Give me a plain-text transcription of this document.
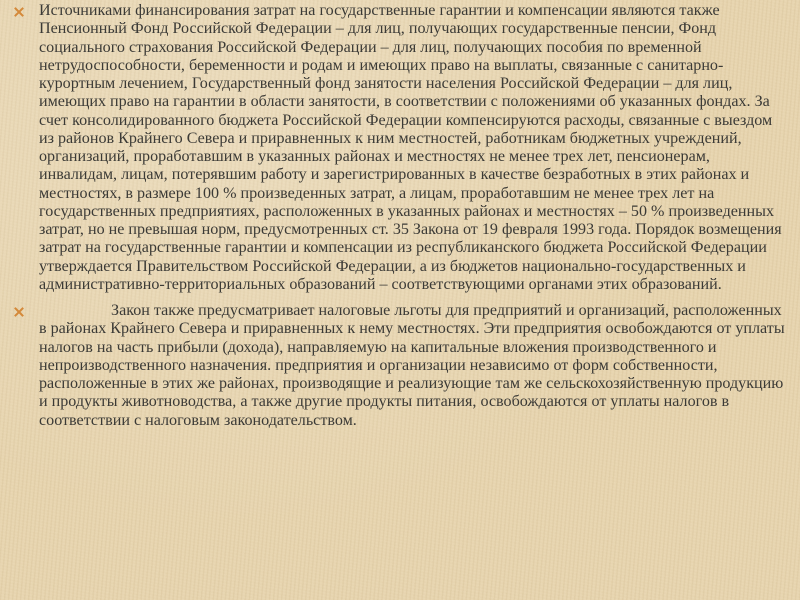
Источниками финансирования затрат на государственные гарантии и компенсации являются также Пенсионный Фонд Российской Федерации – для лиц, получающих государственные пенсии, Фонд социального страхования Российской Федерации – для лиц, получающих пособия по временной нетрудоспособности, беременности и родам и имеющих право на выплаты, связанные с санитарно-курортным лечением, Государственный фонд занятости населения Российской Федерации – для лиц, имеющих право на гарантии в области занятости, в соответствии с положениями об указанных фондах. За счет консолидированного бюджета Российской Федерации компенсируются расходы, связанные с выездом из районов Крайнего Севера и приравненных к ним местностей, работникам бюджетных учреждений, организаций, проработавшим в указанных районах и местностях не менее трех лет, пенсионерам, инвалидам, лицам, потерявшим работу и зарегистрированных в качестве безработных в этих районах и местностях, в размере 100 % произведенных затрат, а лицам, проработавшим не менее трех лет на государственных предприятиях, расположенных в указанных районах и местностях – 50 % произведенных затрат, но не превышая норм, предусмотренных ст. 35 Закона от 19 февраля 1993 года. Порядок возмещения затрат на государственные гарантии и компенсации из республиканского бюджета Российской Федерации утверждается Правительством Российской Федерации, а из бюджетов национально-государственных и административно-территориальных образований – соответствующими органами этих образований.

Закон также предусматривает налоговые льготы для предприятий и организаций, расположенных в районах Крайнего Севера и приравненных к нему местностях. Эти предприятия освобождаются от уплаты налогов на часть прибыли (дохода), направляемую на капитальные вложения производственного и непроизводственного назначения. предприятия и организации независимо от форм собственности, расположенные в этих же районах, производящие и реализующие там же сельскохозяйственную продукцию и продукты животноводства, а также другие продукты питания, освобождаются от уплаты налогов в соответствии с налоговым законодательством.
